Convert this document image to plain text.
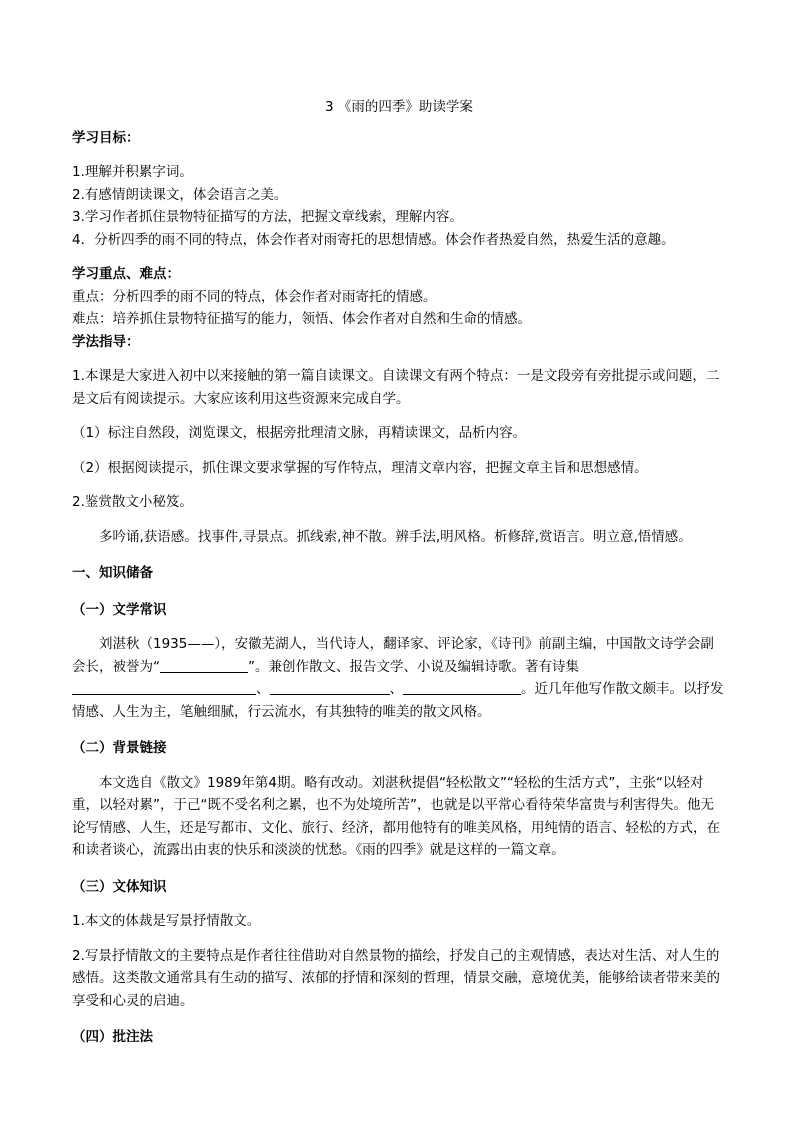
3 《雨的四季》助读学案

学习目标：

1.理解并积累字词。

2.有感情朗读课文，体会语言之美。

3.学习作者抓住景物特征描写的方法，把握文章线索，理解内容。

4．分析四季的雨不同的特点，体会作者对雨寄托的思想情感。体会作者热爱自然，热爱生活的意趣。

学习重点、难点：

重点：分析四季的雨不同的特点，体会作者对雨寄托的情感。

难点：培养抓住景物特征描写的能力，领悟、体会作者对自然和生命的情感。

学法指导：

1.本课是大家进入初中以来接触的第一篇自读课文。自读课文有两个特点：一是文段旁有旁批提示或问题，二是文后有阅读提示。大家应该利用这些资源来完成自学。

（1）标注自然段，浏览课文，根据旁批理清文脉，再精读课文，品析内容。

（2）根据阅读提示，抓住课文要求掌握的写作特点，理清文章内容，把握文章主旨和思想感情。

2.鉴赏散文小秘笈。

多吟诵,获语感。找事件,寻景点。抓线索,神不散。辨手法,明风格。析修辞,赏语言。明立意,悟情感。

一、知识储备

（一）文学常识

刘湛秋（1935——），安徽芜湖人，当代诗人，翻译家、评论家，《诗刊》前副主编，中国散文诗学会副会长，被誉为“	”。兼创作散文、报告文学、小说及编辑诗歌。著有诗集、	、	。近几年他写作散文颇丰。以抒发情感、人生为主，笔触细腻，行云流水，有其独特的唯美的散文风格。

（二）背景链接

本文选自《散文》1989年第4期。略有改动。刘湛秋提倡“轻松散文”“轻松的生活方式”，主张“以轻对重，以轻对累”，于己“既不受名利之累，也不为处境所苦”，也就是以平常心看待荣华富贵与利害得失。他无论写情感、人生，还是写都市、文化、旅行、经济，都用他特有的唯美风格，用纯情的语言、轻松的方式，在和读者谈心，流露出由衷的快乐和淡淡的忧愁。《雨的四季》就是这样的一篇文章。

（三）文体知识

1.本文的体裁是写景抒情散文。

2.写景抒情散文的主要特点是作者往往借助对自然景物的描绘，抒发自己的主观情感，表达对生活、对人生的感悟。这类散文通常具有生动的描写、浓郁的抒情和深刻的哲理，情景交融，意境优美，能够给读者带来美的享受和心灵的启迪。

（四）批注法
